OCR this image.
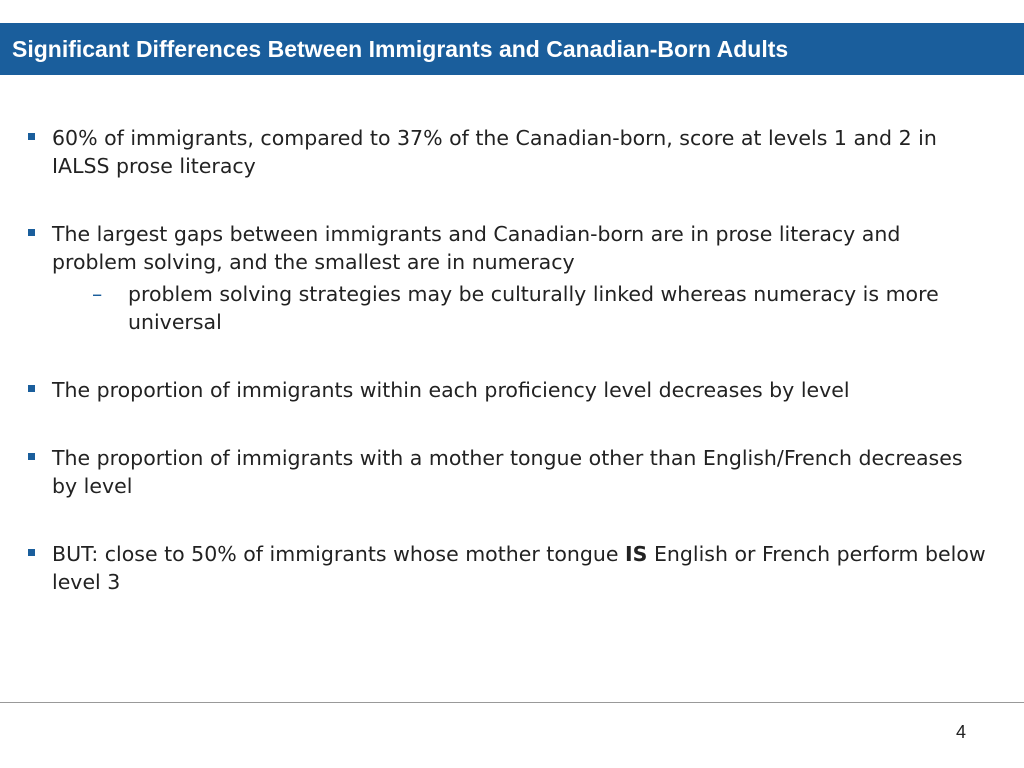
Significant Differences Between Immigrants and Canadian-Born Adults
60% of immigrants, compared to 37% of the Canadian-born, score at levels 1 and 2 in IALSS prose literacy
The largest gaps between immigrants and Canadian-born are in prose literacy and problem solving, and the smallest are in numeracy
– problem solving strategies may be culturally linked whereas numeracy is more universal
The proportion of immigrants within each proficiency level decreases by level
The proportion of immigrants with a mother tongue other than English/French decreases by level
BUT: close to 50% of immigrants whose mother tongue IS English or French perform below level 3
4
